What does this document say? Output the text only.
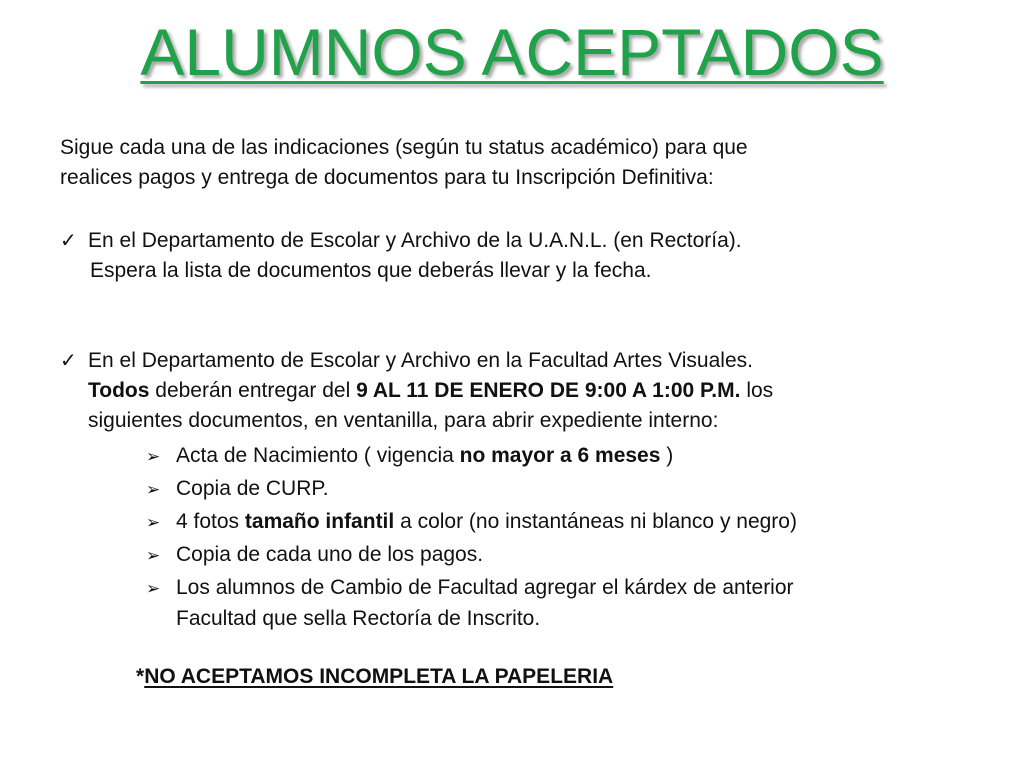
ALUMNOS ACEPTADOS
Sigue cada una de las indicaciones (según tu status académico) para que
realices pagos y entrega de documentos para tu Inscripción Definitiva:
✓ En el Departamento de Escolar y Archivo de la U.A.N.L. (en Rectoría).
Espera la lista de documentos que deberás llevar y la fecha.
✓ En el Departamento de Escolar y Archivo en la Facultad Artes Visuales.
Todos deberán entregar del 9 AL 11 DE ENERO DE 9:00 A 1:00 P.M. los
siguientes documentos, en ventanilla, para abrir expediente interno:
➢ Acta de Nacimiento ( vigencia no mayor a 6 meses )
➢ Copia de CURP.
➢ 4 fotos tamaño infantil a color (no instantáneas ni blanco y negro)
➢ Copia de cada uno de los pagos.
➢ Los alumnos de Cambio de Facultad agregar el kárdex de anterior
Facultad que sella Rectoría de Inscrito.
*NO ACEPTAMOS INCOMPLETA LA PAPELERIA
